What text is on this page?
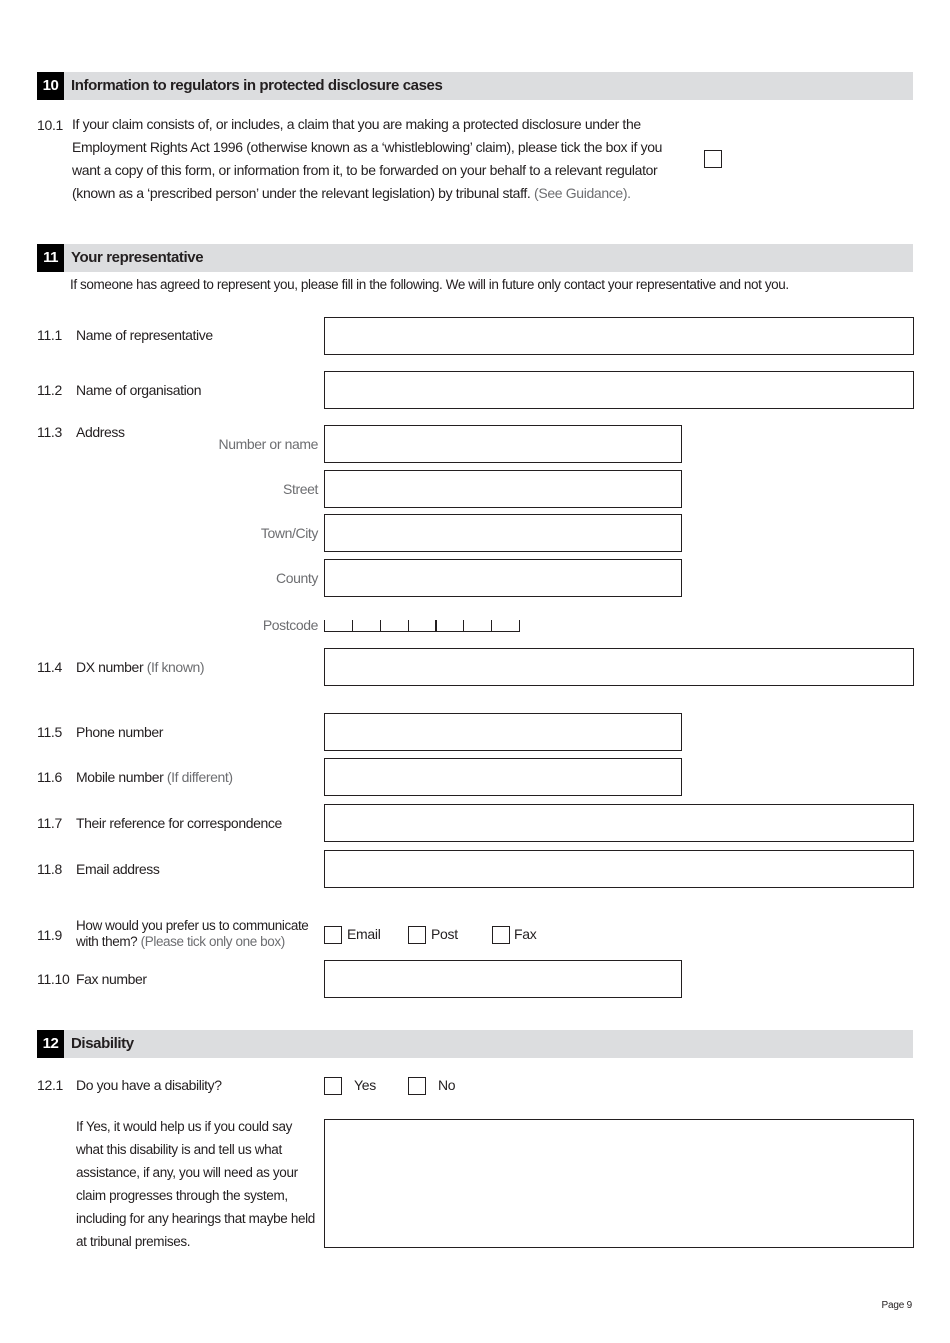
10 Information to regulators in protected disclosure cases
10.1 If your claim consists of, or includes, a claim that you are making a protected disclosure under the
Employment Rights Act 1996 (otherwise known as a ‘whistleblowing’ claim), please tick the box if you
want a copy of this form, or information from it, to be forwarded on your behalf to a relevant regulator
(known as a ‘prescribed person’ under the relevant legislation) by tribunal staff. (See Guidance).
11 Your representative
If someone has agreed to represent you, please fill in the following. We will in future only contact your representative and not you.
11.1 Name of representative
11.2 Name of organisation
11.3 Address
Number or name
Street
Town/City
County
Postcode
11.4 DX number (If known)
11.5 Phone number
11.6 Mobile number (If different)
11.7 Their reference for correspondence
11.8 Email address
11.9
How would you prefer us to communicate
with them? (Please tick only one box)	Email	Post	Fax
11.10 Fax number
12 Disability
12.1 Do you have a disability?	Yes	No
If Yes, it would help us if you could say
what this disability is and tell us what
assistance, if any, you will need as your
claim progresses through the system,
including for any hearings that maybe held
at tribunal premises.
Page 9
